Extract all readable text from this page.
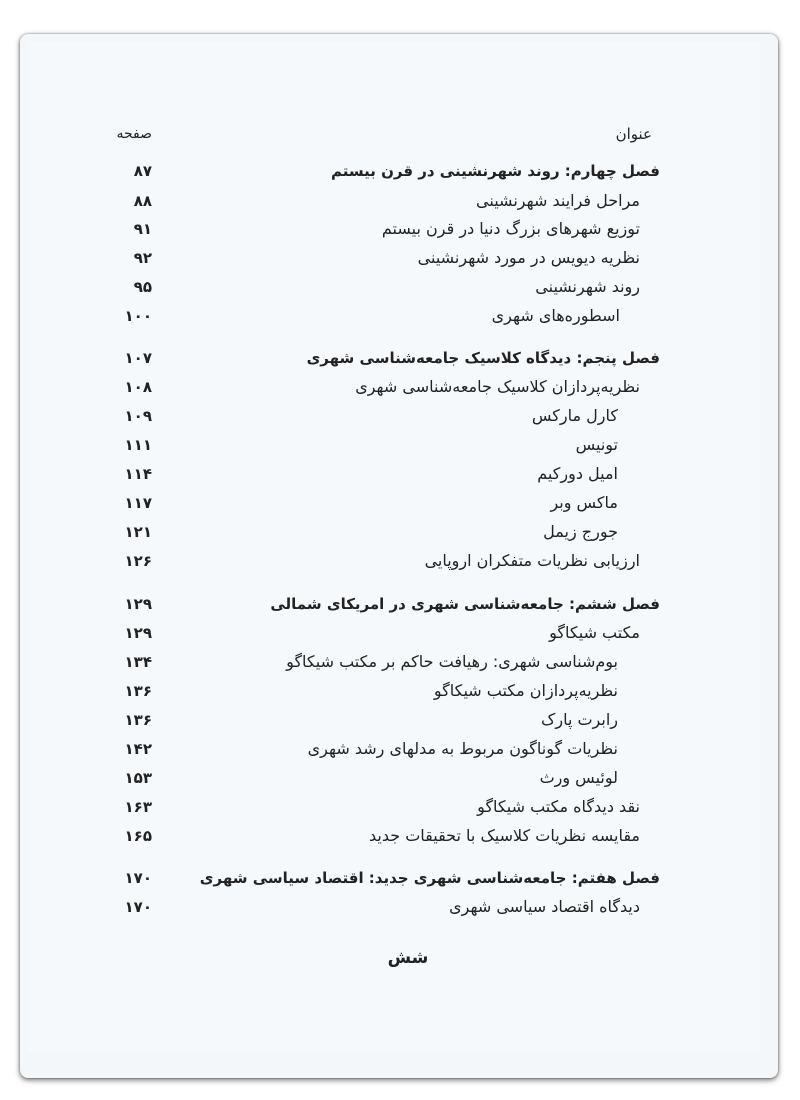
عنوان
صفحه
فصل چهارم: روند شهرنشینی در قرن بیستم
۸۷
مراحل فرایند شهرنشینی
۸۸
توزیع شهرهای بزرگ دنیا در قرن بیستم
۹۱
نظریه دیویس در مورد شهرنشینی
۹۲
روند شهرنشینی
۹۵
اسطوره‌های شهری
۱۰۰
فصل پنجم: دیدگاه کلاسیک جامعه‌شناسی شهری
۱۰۷
نظریه‌پردازان کلاسیک جامعه‌شناسی شهری
۱۰۸
کارل مارکس
۱۰۹
تونیس
۱۱۱
امیل دورکیم
۱۱۴
ماکس وبر
۱۱۷
جورج زیمل
۱۲۱
ارزیابی نظریات متفکران اروپایی
۱۲۶
فصل ششم: جامعه‌شناسی شهری در امریکای شمالی
۱۲۹
مکتب شیکاگو
۱۲۹
بوم‌شناسی شهری: رهیافت حاکم بر مکتب شیکاگو
۱۳۴
نظریه‌پردازان مکتب شیکاگو
۱۳۶
رابرت پارک
۱۳۶
نظریات گوناگون مربوط به مدلهای رشد شهری
۱۴۲
لوئیس ورث
۱۵۳
نقد دیدگاه مکتب شیکاگو
۱۶۳
مقایسه نظریات کلاسیک با تحقیقات جدید
۱۶۵
فصل هفتم: جامعه‌شناسی شهری جدید: اقتصاد سیاسی شهری
۱۷۰
دیدگاه اقتصاد سیاسی شهری
۱۷۰
شش
